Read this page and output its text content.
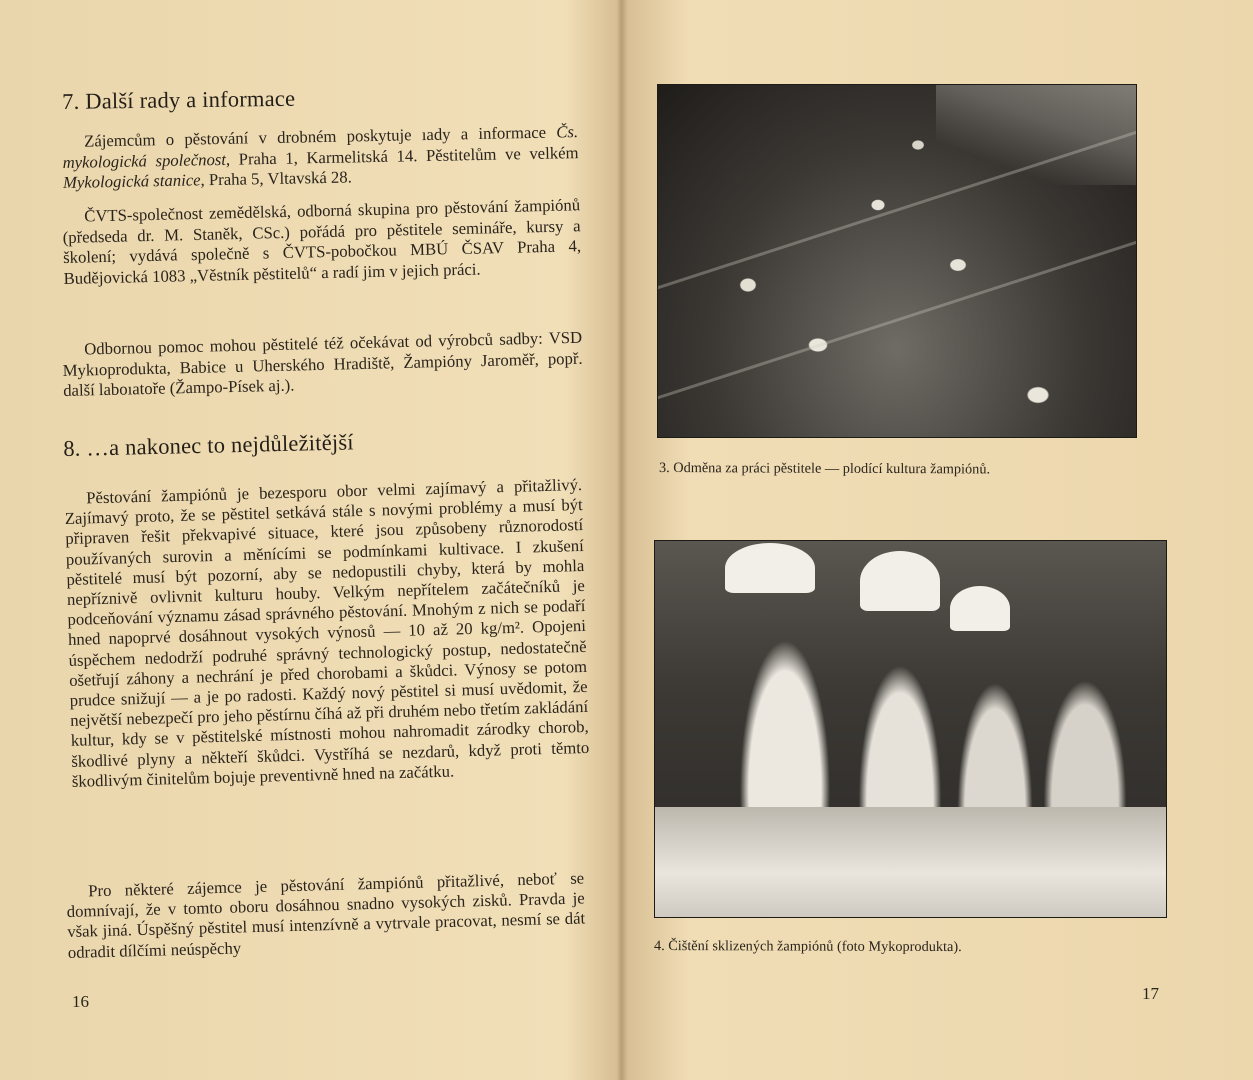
7. Další rady a informace

Zájemcům o pěstování v drobném poskytuje ıady a informace Čs. mykologická společnost, Praha 1, Karmelitská 14. Pěstitelům ve velkém Mykologická stanice, Praha 5, Vltavská 28.

ČVTS-společnost zemědělská, odborná skupina pro pěstování žampiónů (předseda dr. M. Staněk, CSc.) pořádá pro pěstitele semináře, kursy a školení; vydává společně s ČVTS-pobočkou MBÚ ČSAV Praha 4, Budějovická 1083 „Věstník pěstitelů“ a radí jim v jejich práci.

Odbornou pomoc mohou pěstitelé též očekávat od výrobců sadby: VSD Mykıoprodukta, Babice u Uherského Hradiště, Žampióny Jaroměř, popř. další laboıatoře (Žampo-Písek aj.).

8. …a nakonec to nejdůležitější

Pěstování žampiónů je bezesporu obor velmi zajímavý a přitažlivý. Zajímavý proto, že se pěstitel setkává stále s novými problémy a musí být připraven řešit překvapivé situace, které jsou způsobeny různorodostí používaných surovin a měnícími se podmínkami kultivace. I zkušení pěstitelé musí být pozorní, aby se nedopustili chyby, která by mohla nepříznivě ovlivnit kulturu houby. Velkým nepřítelem začátečníků je podceňování významu zásad správného pěstování. Mnohým z nich se podaří hned napoprvé dosáhnout vysokých výnosů — 10 až 20 kg/m². Opojeni úspěchem nedodrží podruhé správný technologický postup, nedostatečně ošetřují záhony a nechrání je před chorobami a škůdci. Výnosy se potom prudce snižují — a je po radosti. Každý nový pěstitel si musí uvědomit, že největší nebezpečí pro jeho pěstírnu číhá až při druhém nebo třetím zakládání kultur, kdy se v pěstitelské místnosti mohou nahromadit zárodky chorob, škodlivé plyny a někteří škůdci. Vystříhá se nezdarů, když proti těmto škodlivým činitelům bojuje preventivně hned na začátku.

Pro některé zájemce je pěstování žampiónů přitažlivé, neboť se domnívají, že v tomto oboru dosáhnou snadno vysokých zisků. Pravda je však jiná. Úspěšný pěstitel musí intenzívně a vytrvale pracovat, nesmí se dát odradit dílčími neúspěchy

16

3. Odměna za práci pěstitele — plodící kultura žampiónů.

4. Čištění sklizených žampiónů (foto Mykoprodukta).

17
